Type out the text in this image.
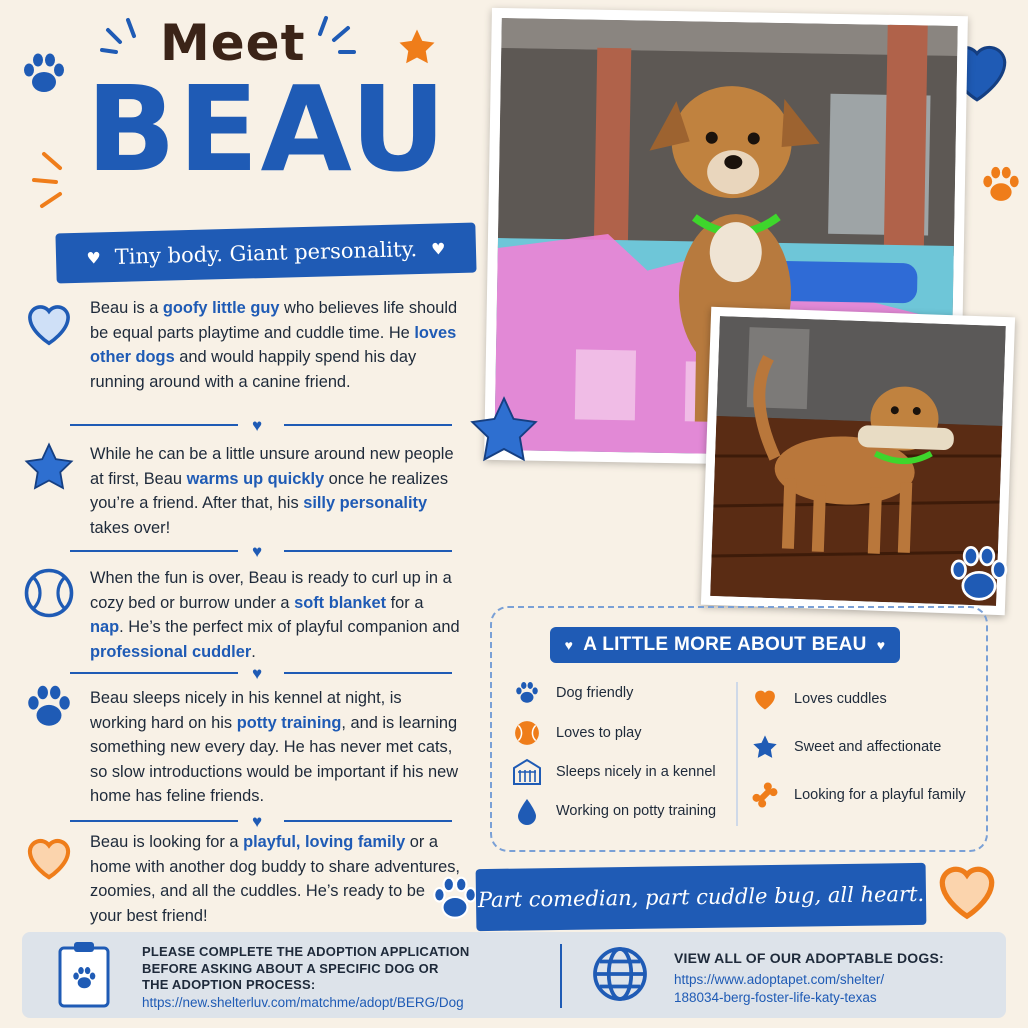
Meet
BEAU
♥ Tiny body. Giant personality. ♥
Beau is a goofy little guy who believes life should be equal parts playtime and cuddle time. He loves other dogs and would happily spend his day running around with a canine friend.
♥
While he can be a little unsure around new people at first, Beau warms up quickly once he realizes you’re a friend. After that, his silly personality takes over!
♥
When the fun is over, Beau is ready to curl up in a cozy bed or burrow under a soft blanket for a nap. He’s the perfect mix of playful companion and professional cuddler.
♥
Beau sleeps nicely in his kennel at night, is working hard on his potty training, and is learning something new every day. He has never met cats, so slow introductions would be important if his new home has feline friends.
♥
Beau is looking for a playful, loving family or a home with another dog buddy to share adventures, zoomies, and all the cuddles. He’s ready to be your best friend!
♥ A LITTLE MORE ABOUT BEAU ♥
Dog friendly
Loves to play
Sleeps nicely in a kennel
Working on potty training
Loves cuddles
Sweet and affectionate
Looking for a playful family
Part comedian, part cuddle bug, all heart.
PLEASE COMPLETE THE ADOPTION APPLICATION
BEFORE ASKING ABOUT A SPECIFIC DOG OR
THE ADOPTION PROCESS:
https://new.shelterluv.com/matchme/adopt/BERG/Dog
VIEW ALL OF OUR ADOPTABLE DOGS:
https://www.adoptapet.com/shelter/
188034-berg-foster-life-katy-texas
